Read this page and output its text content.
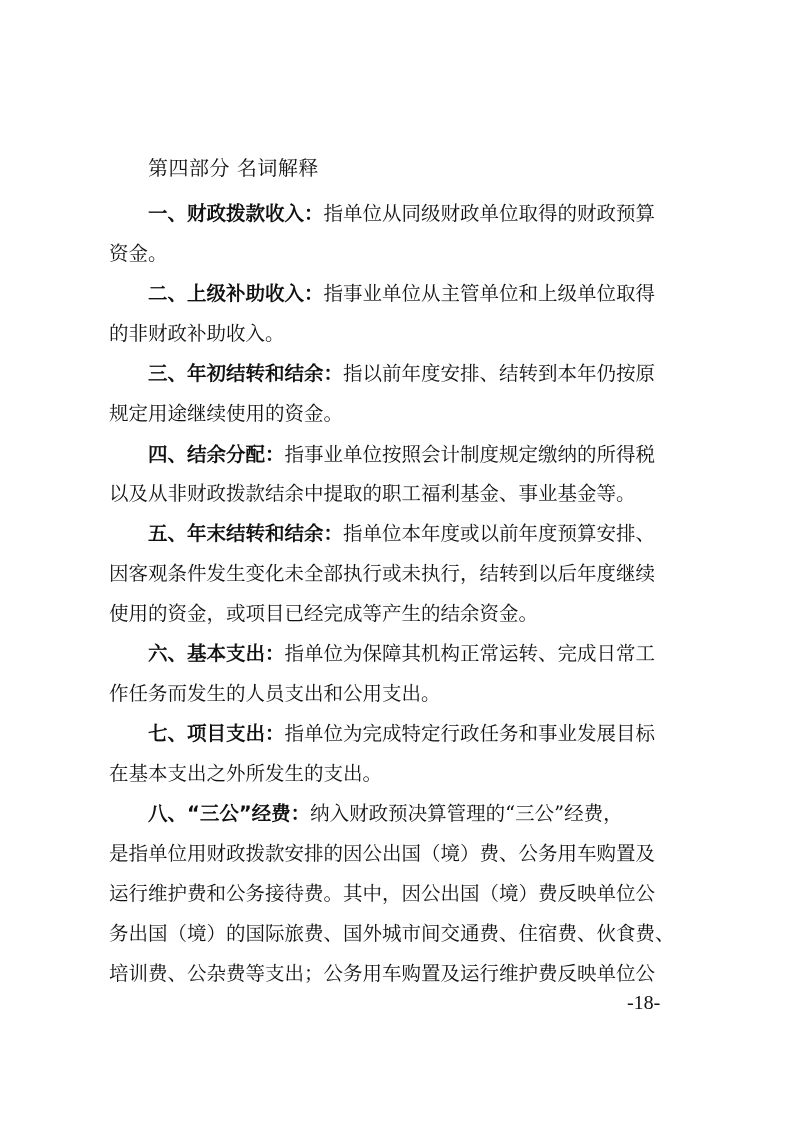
第四部分 名词解释
一、财政拨款收入：指单位从同级财政单位取得的财政预算
资金。
二、上级补助收入：指事业单位从主管单位和上级单位取得
的非财政补助收入。
三、年初结转和结余：指以前年度安排、结转到本年仍按原
规定用途继续使用的资金。
四、结余分配：指事业单位按照会计制度规定缴纳的所得税
以及从非财政拨款结余中提取的职工福利基金、事业基金等。
五、年末结转和结余：指单位本年度或以前年度预算安排、
因客观条件发生变化未全部执行或未执行，结转到以后年度继续
使用的资金，或项目已经完成等产生的结余资金。
六、基本支出：指单位为保障其机构正常运转、完成日常工
作任务而发生的人员支出和公用支出。
七、项目支出：指单位为完成特定行政任务和事业发展目标
在基本支出之外所发生的支出。
八、“三公”经费：纳入财政预决算管理的“三公”经费，
是指单位用财政拨款安排的因公出国（境）费、公务用车购置及
运行维护费和公务接待费。其中，因公出国（境）费反映单位公
务出国（境）的国际旅费、国外城市间交通费、住宿费、伙食费、
培训费、公杂费等支出；公务用车购置及运行维护费反映单位公
-18-
